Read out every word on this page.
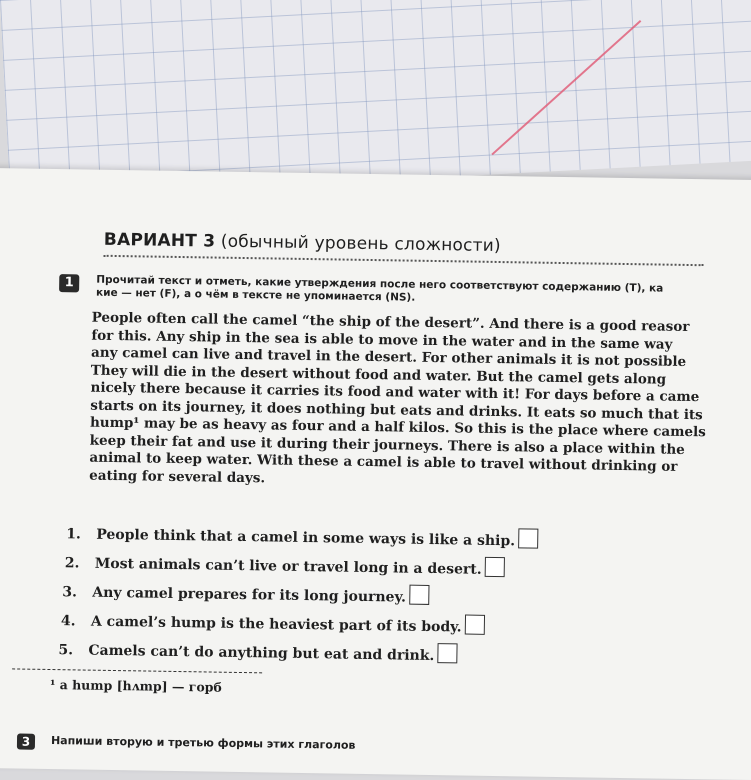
ВАРИАНТ 3 (обычный уровень сложности)
1	Прочитай текст и отметь, какие утверждения после него соответствуют содержанию (T), ка
кие — нет (F), а о чём в тексте не упоминается (NS).
People often call the camel “the ship of the desert”. And there is a good reasor
for this. Any ship in the sea is able to move in the water and in the same way
any camel can live and travel in the desert. For other animals it is not possible
They will die in the desert without food and water. But the camel gets along
nicely there because it carries its food and water with it! For days before a came
starts on its journey, it does nothing but eats and drinks. It eats so much that its
hump¹ may be as heavy as four and a half kilos. So this is the place where camels
keep their fat and use it during their journeys. There is also a place within the
animal to keep water. With these a camel is able to travel without drinking or
eating for several days.
1. People think that a camel in some ways is like a ship.
2. Most animals can’t live or travel long in a desert.
3. Any camel prepares for its long journey.
4. A camel’s hump is the heaviest part of its body.
5. Camels can’t do anything but eat and drink.
¹ a hump [hʌmp] — горб
3	Напиши вторую и третью формы этих глаголов
